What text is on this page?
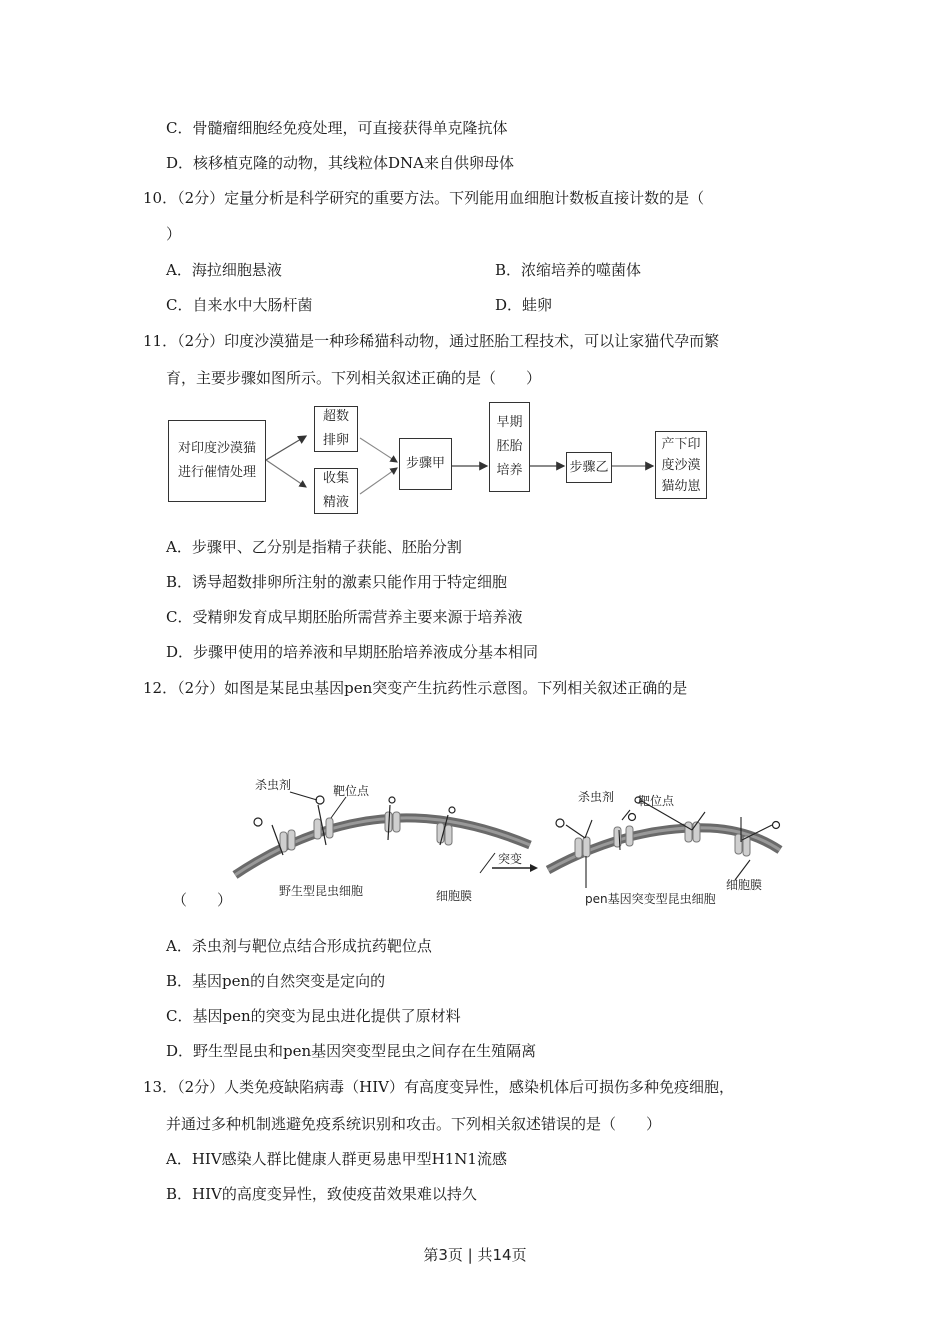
C．骨髓瘤细胞经免疫处理，可直接获得单克隆抗体
D．核移植克隆的动物，其线粒体DNA来自供卵母体
10．（2分）定量分析是科学研究的重要方法。下列能用血细胞计数板直接计数的是（
）
A．海拉细胞悬液	B．浓缩培养的噬菌体
C．自来水中大肠杆菌	D．蛙卵
11．（2分）印度沙漠猫是一种珍稀猫科动物，通过胚胎工程技术，可以让家猫代孕而繁
育，主要步骤如图所示。下列相关叙述正确的是（　　）
对印度沙漠猫
进行催情处理
超数
排卵
收集
精液
步骤甲
早期
胚胎
培养	步骤乙
产下印
度沙漠
猫幼崽
A．步骤甲、乙分别是指精子获能、胚胎分割
B．诱导超数排卵所注射的激素只能作用于特定细胞
C．受精卵发育成早期胚胎所需营养主要来源于培养液
D．步骤甲使用的培养液和早期胚胎培养液成分基本相同
12．（2分）如图是某昆虫基因pen突变产生抗药性示意图。下列相关叙述正确的是
杀虫剂	靶位点
野生型昆虫细胞	细胞膜
突变
杀虫剂 靶位点
pen基因突变型昆虫细胞
细胞膜
（　　）
A．杀虫剂与靶位点结合形成抗药靶位点
B．基因pen的自然突变是定向的
C．基因pen的突变为昆虫进化提供了原材料
D．野生型昆虫和pen基因突变型昆虫之间存在生殖隔离
13．（2分）人类免疫缺陷病毒（HIV）有高度变异性，感染机体后可损伤多种免疫细胞，
并通过多种机制逃避免疫系统识别和攻击。下列相关叙述错误的是（　　）
A．HIV感染人群比健康人群更易患甲型H1N1流感
B．HIV的高度变异性，致使疫苗效果难以持久
第3页 | 共14页
